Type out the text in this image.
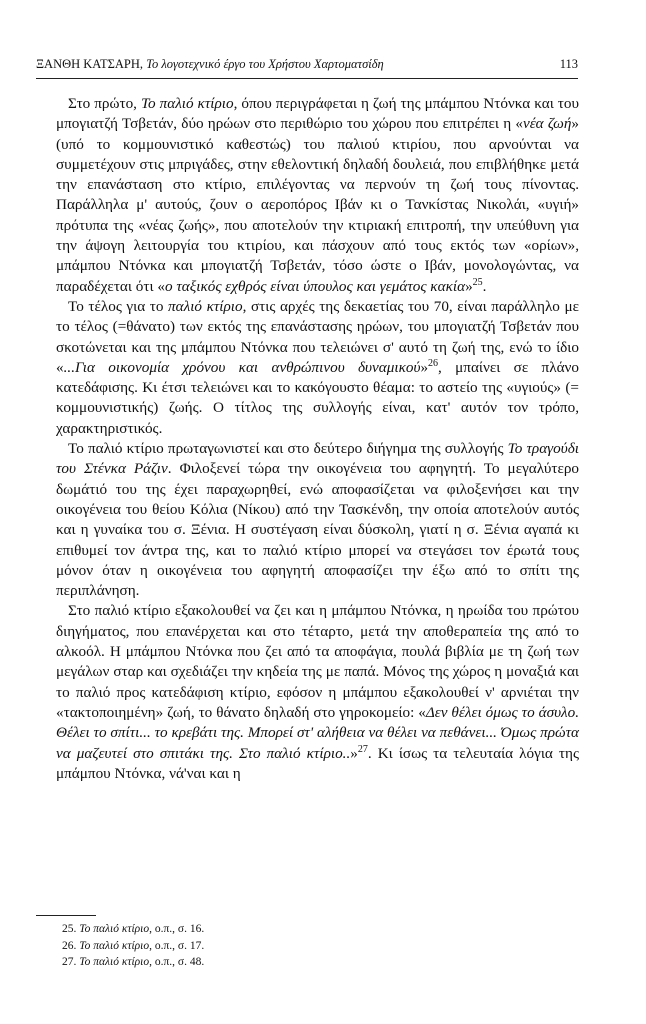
ΞΑΝΘΗ ΚΑΤΣΑΡΗ, Το λογοτεχνικό έργο του Χρήστου Χαρτοματσίδη	113

Στο πρώτο, Το παλιό κτίριο, όπου περιγράφεται η ζωή της μπάμπου Ντόνκα και του μπογιατζή Τσβετάν, δύο ηρώων στο περιθώριο του χώρου που επιτρέπει η «νέα ζωή» (υπό το κομμουνιστικό καθεστώς) του παλιού κτιρίου, που αρνούνται να συμμετέχουν στις μπριγάδες, στην εθελοντική δηλαδή δουλειά, που επιβλήθηκε μετά την επανάσταση στο κτίριο, επιλέγοντας να περνούν τη ζωή τους πίνοντας. Παράλληλα μ' αυτούς, ζουν ο αεροπόρος Ιβάν κι ο Τανκίστας Νικολάι, «υγιή» πρότυπα της «νέας ζωής», που αποτελούν την κτιριακή επιτροπή, την υπεύθυνη για την άψογη λειτουργία του κτιρίου, και πάσχουν από τους εκτός των «ορίων», μπάμπου Ντόνκα και μπογιατζή Τσβετάν, τόσο ώστε ο Ιβάν, μονολογώντας, να παραδέχεται ότι «ο ταξικός εχθρός είναι ύπουλος και γεμάτος κακία»$^{25}$.

Το τέλος για το παλιό κτίριο, στις αρχές της δεκαετίας του 70, είναι παράλληλο με το τέλος (=θάνατο) των εκτός της επανάστασης ηρώων, του μπογιατζή Τσβετάν που σκοτώνεται και της μπάμπου Ντόνκα που τελειώνει σ' αυτό τη ζωή της, ενώ το ίδιο «...Για οικονομία χρόνου και ανθρώπινου δυναμικού»$^{26}$, μπαίνει σε πλάνο κατεδάφισης. Κι έτσι τελειώνει και το κακόγουστο θέαμα: το αστείο της «υγιούς» (= κομμουνιστικής) ζωής. Ο τίτλος της συλλογής είναι, κατ' αυτόν τον τρόπο, χαρακτηριστικός.

Το παλιό κτίριο πρωταγωνιστεί και στο δεύτερο διήγημα της συλλογής Το τραγούδι του Στένκα Ράζιν. Φιλοξενεί τώρα την οικογένεια του αφηγητή. Το μεγαλύτερο δωμάτιό του της έχει παραχωρηθεί, ενώ αποφασίζεται να φιλοξενήσει και την οικογένεια του θείου Κόλια (Νίκου) από την Τασκένδη, την οποία αποτελούν αυτός και η γυναίκα του σ. Ξένια. Η συστέγαση είναι δύσκολη, γιατί η σ. Ξένια αγαπά κι επιθυμεί τον άντρα της, και το παλιό κτίριο μπορεί να στεγάσει τον έρωτά τους μόνον όταν η οικογένεια του αφηγητή αποφασίζει την έξω από το σπίτι της περιπλάνηση.

Στο παλιό κτίριο εξακολουθεί να ζει και η μπάμπου Ντόνκα, η ηρωίδα του πρώτου διηγήματος, που επανέρχεται και στο τέταρτο, μετά την αποθεραπεία της από το αλκοόλ. Η μπάμπου Ντόνκα που ζει από τα αποφάγια, πουλά βιβλία με τη ζωή των μεγάλων σταρ και σχεδιάζει την κηδεία της με παπά. Μόνος της χώρος η μοναξιά και το παλιό προς κατεδάφιση κτίριο, εφόσον η μπάμπου εξακολουθεί ν' αρνιέται την «τακτοποιημένη» ζωή, το θάνατο δηλαδή στο γηροκομείο: «Δεν θέλει όμως το άσυλο. Θέλει το σπίτι... το κρεβάτι της. Μπορεί στ' αλήθεια να θέλει να πεθάνει... Όμως πρώτα να μαζευτεί στο σπιτάκι της. Στο παλιό κτίριο..»$^{27}$. Κι ίσως τα τελευταία λόγια της μπάμπου Ντόνκα, νά'ναι και η

25. Το παλιό κτίριο, ο.π., σ. 16.
26. Το παλιό κτίριο, ο.π., σ. 17.
27. Το παλιό κτίριο, ο.π., σ. 48.
